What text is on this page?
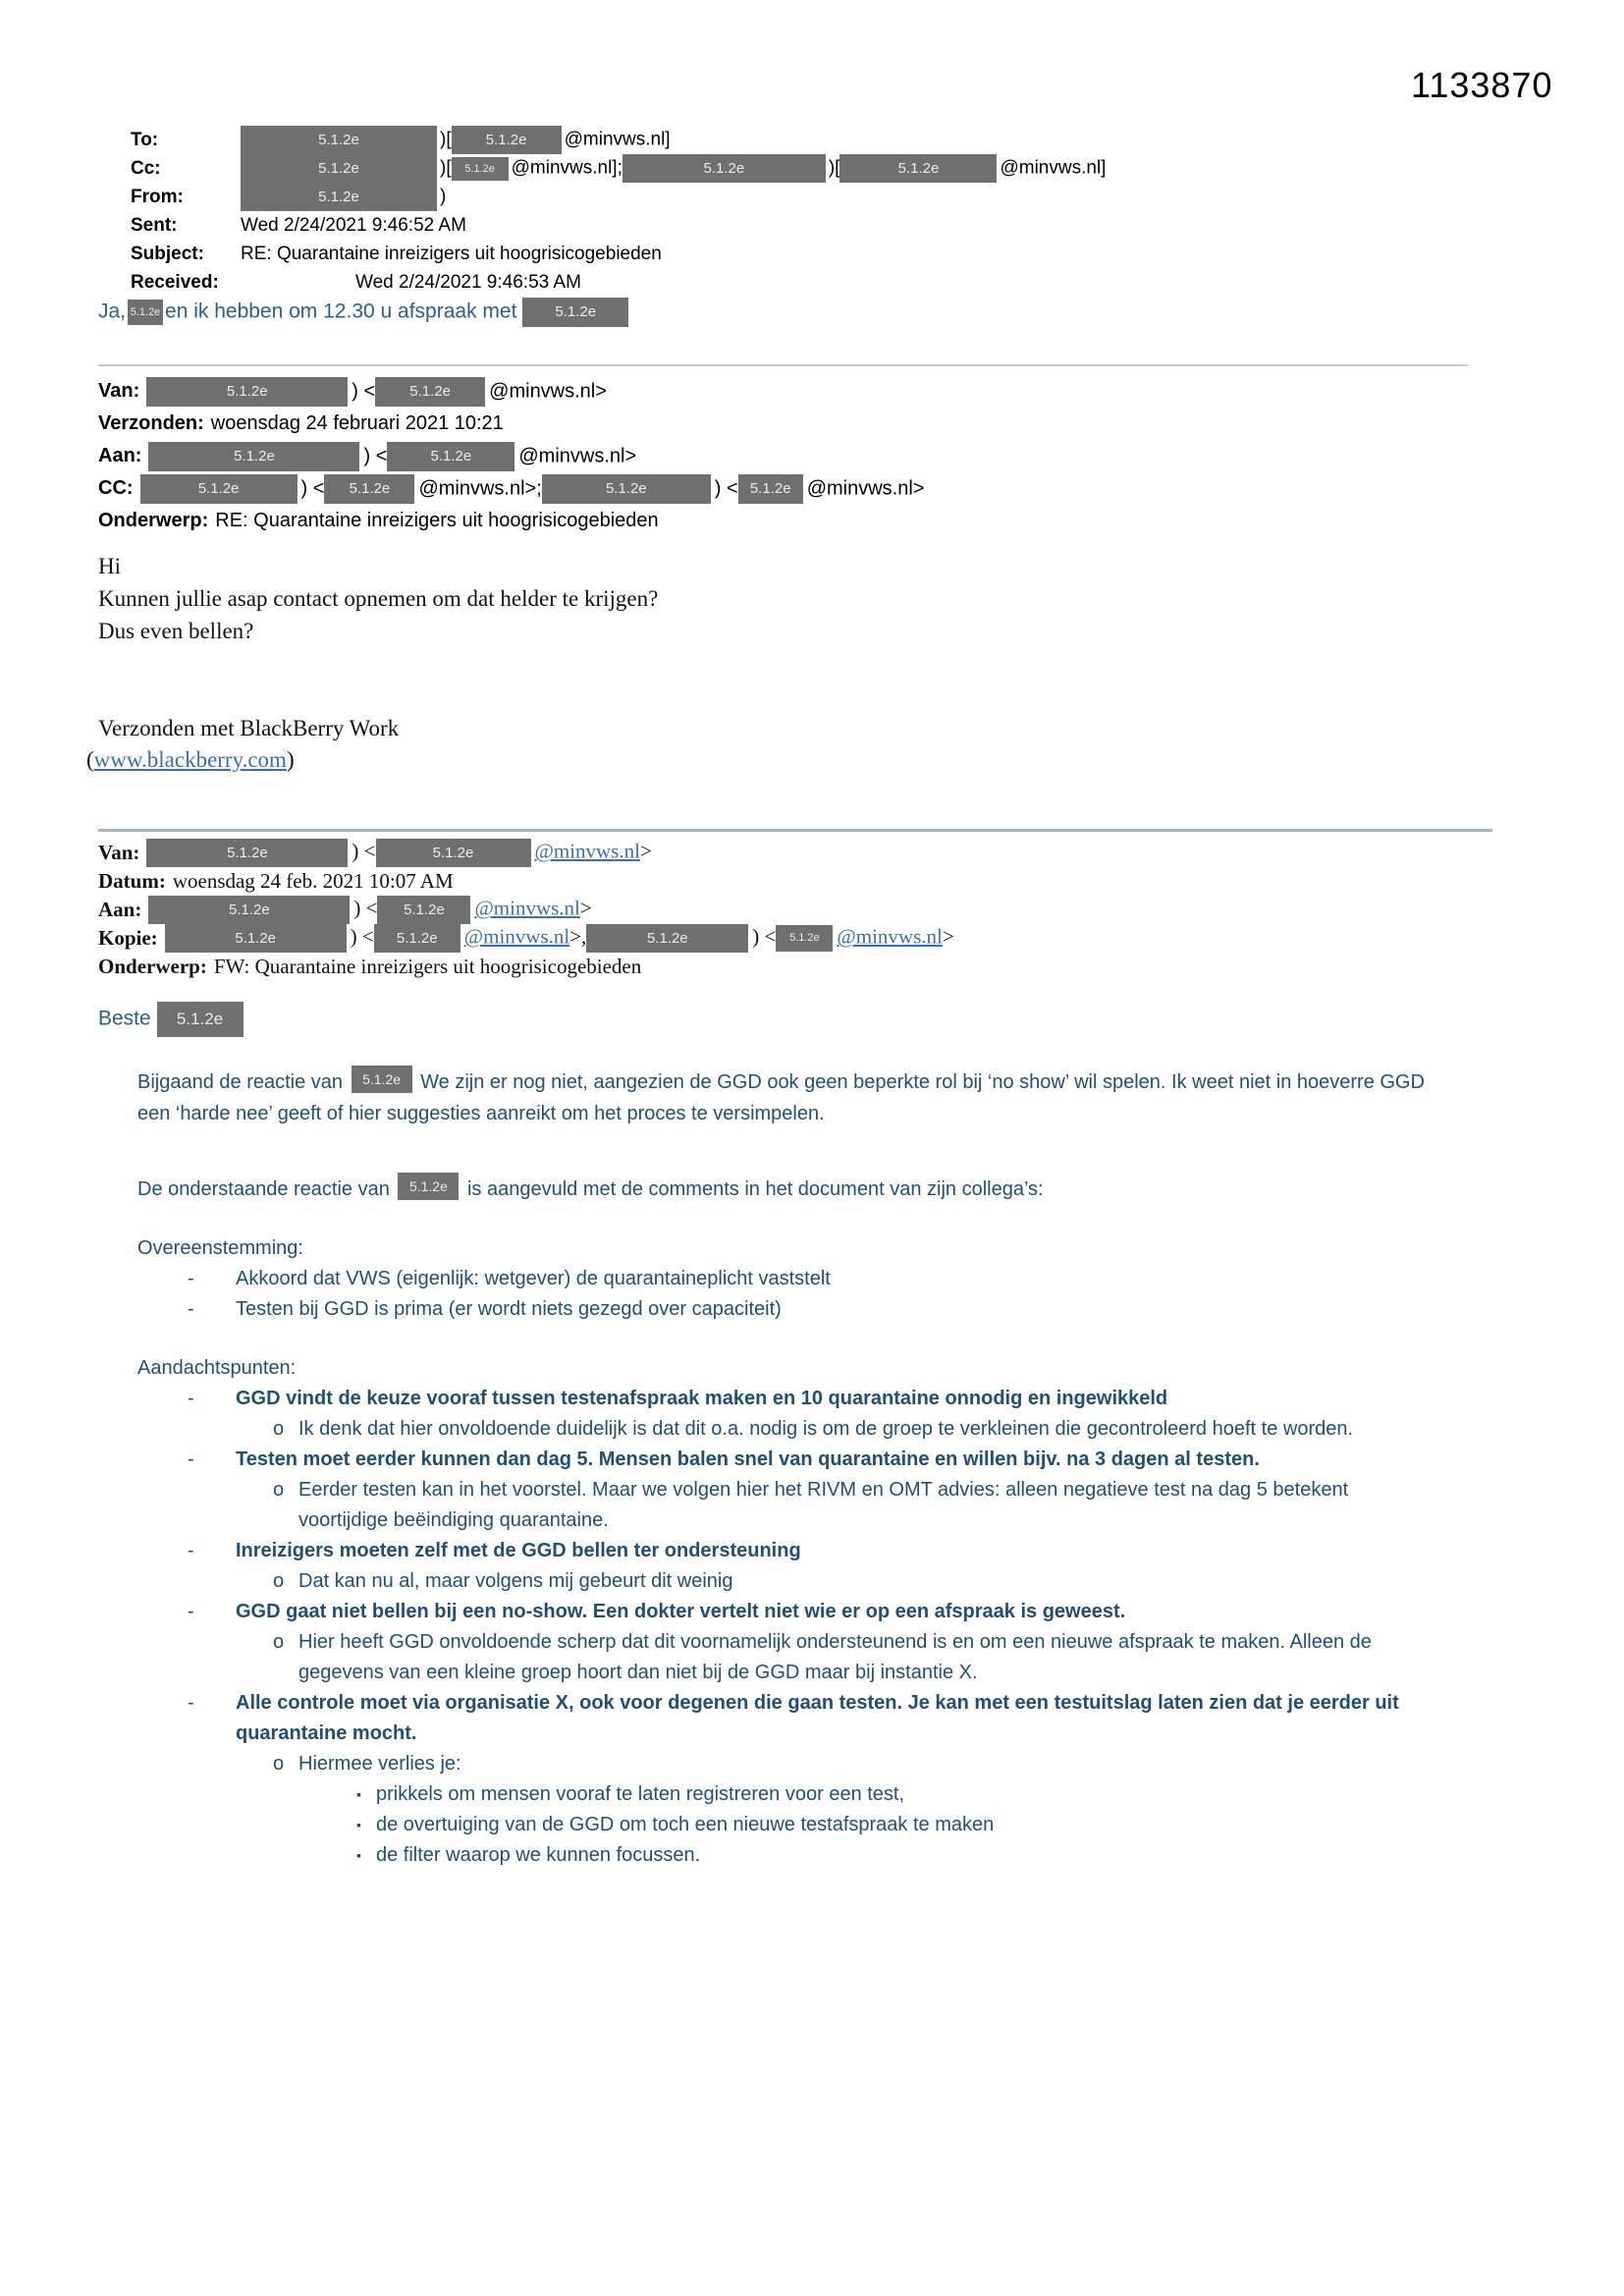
1133870
To:	5.1.2e	)[ 5.1.2e @minvws.nl]
Cc:	5.1.2e	)[ 5.1.2e @minvws.nl];	5.1.2e	)[	5.1.2e	@minvws.nl]
From:	5.1.2e	)
Sent:	Wed 2/24/2021 9:46:52 AM
Subject:	RE: Quarantaine inreizigers uit hoogrisicogebieden
Received:	Wed 2/24/2021 9:46:53 AM
Ja, 5.1.2e en ik hebben om 12.30 u afspraak met 5.1.2e
Van:	5.1.2e	) < 5.1.2e @minvws.nl>
Verzonden: woensdag 24 februari 2021 10:21
Aan:	5.1.2e	) <	5.1.2e @minvws.nl>
CC:	5.1.2e	) < 5.1.2e @minvws.nl>;	5.1.2e	) < 5.1.2e @minvws.nl>
Onderwerp: RE: Quarantaine inreizigers uit hoogrisicogebieden
Hi
Kunnen jullie asap contact opnemen om dat helder te krijgen?
Dus even bellen?
Verzonden met BlackBerry Work
(www.blackberry.com)
Van:	5.1.2e	) <	5.1.2e	@minvws.nl>
Datum: woensdag 24 feb. 2021 10:07 AM
Aan:	5.1.2e	) < 5.1.2e @minvws.nl>
Kopie:	5.1.2e	) < 5.1.2e @minvws.nl>,	5.1.2e	) < 5.1.2e @minvws.nl>
Onderwerp: FW: Quarantaine inreizigers uit hoogrisicogebieden
Beste 5.1.2e
Bijgaand de reactie van 5.1.2e We zijn er nog niet, aangezien de GGD ook geen beperkte rol bij ‘no show’ wil spelen. Ik weet niet in hoeverre GGD een ‘harde nee’ geeft of hier suggesties aanreikt om het proces te versimpelen.
De onderstaande reactie van 5.1.2e is aangevuld met de comments in het document van zijn collega’s:
Overeenstemming:
-	Akkoord dat VWS (eigenlijk: wetgever) de quarantaineplicht vaststelt
-	Testen bij GGD is prima (er wordt niets gezegd over capaciteit)
Aandachtspunten:
-	GGD vindt de keuze vooraf tussen testenafspraak maken en 10 quarantaine onnodig en ingewikkeld
o Ik denk dat hier onvoldoende duidelijk is dat dit o.a. nodig is om de groep te verkleinen die gecontroleerd hoeft te worden.
-	Testen moet eerder kunnen dan dag 5. Mensen balen snel van quarantaine en willen bijv. na 3 dagen al testen.
o Eerder testen kan in het voorstel. Maar we volgen hier het RIVM en OMT advies: alleen negatieve test na dag 5 betekent voortijdige beëindiging quarantaine.
-	Inreizigers moeten zelf met de GGD bellen ter ondersteuning
o Dat kan nu al, maar volgens mij gebeurt dit weinig
-	GGD gaat niet bellen bij een no-show. Een dokter vertelt niet wie er op een afspraak is geweest.
o Hier heeft GGD onvoldoende scherp dat dit voornamelijk ondersteunend is en om een nieuwe afspraak te maken. Alleen de gegevens van een kleine groep hoort dan niet bij de GGD maar bij instantie X.
-	Alle controle moet via organisatie X, ook voor degenen die gaan testen. Je kan met een testuitslag laten zien dat je eerder uit quarantaine mocht.
o Hiermee verlies je:
▪ prikkels om mensen vooraf te laten registreren voor een test,
▪ de overtuiging van de GGD om toch een nieuwe testafspraak te maken
▪ de filter waarop we kunnen focussen.
